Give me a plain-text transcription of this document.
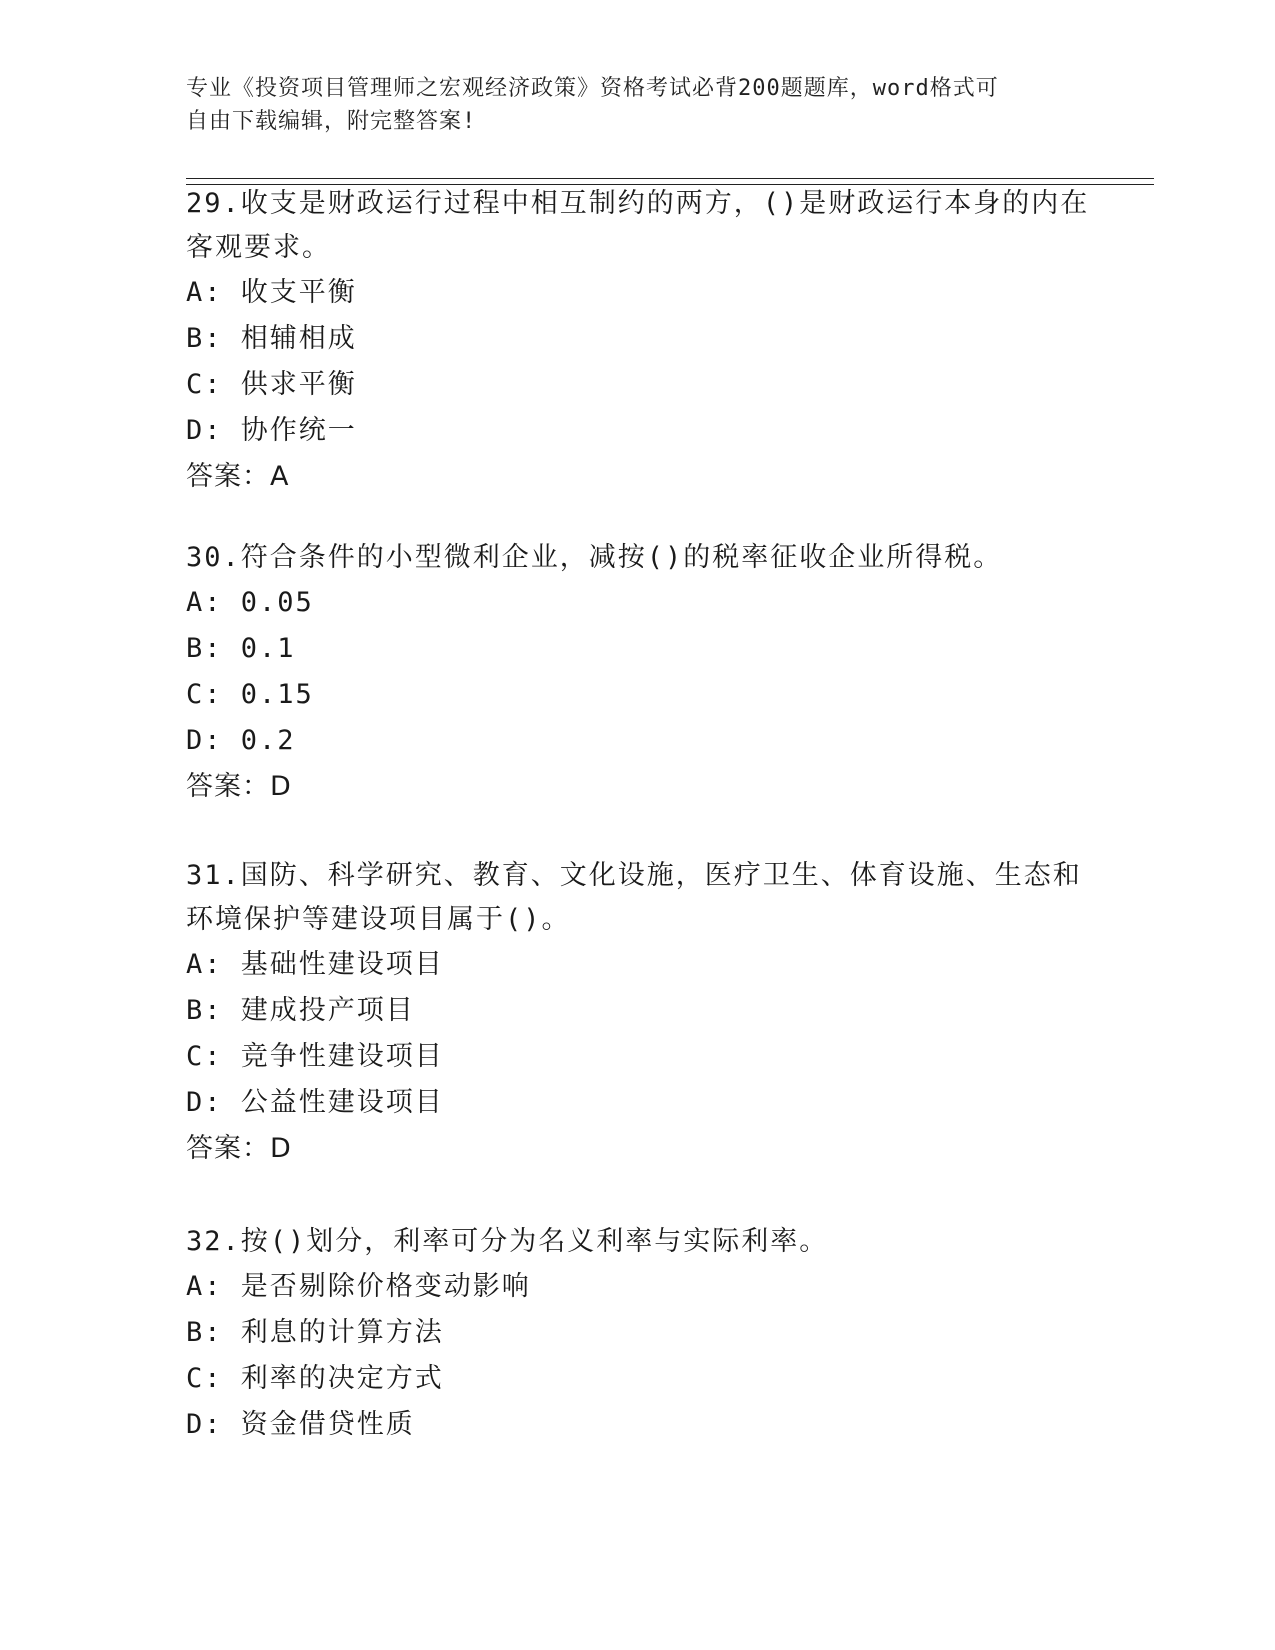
专业《投资项目管理师之宏观经济政策》资格考试必背200题题库，word格式可
自由下载编辑，附完整答案!

29.收支是财政运行过程中相互制约的两方，()是财政运行本身的内在

客观要求。

A: 收支平衡

B: 相辅相成

C: 供求平衡

D: 协作统一

答案：A

30.符合条件的小型微利企业，减按()的税率征收企业所得税。

A: 0.05

B: 0.1

C: 0.15

D: 0.2

答案：D

31.国防、科学研究、教育、文化设施，医疗卫生、体育设施、生态和

环境保护等建设项目属于()。

A: 基础性建设项目

B: 建成投产项目

C: 竞争性建设项目

D: 公益性建设项目

答案：D

32.按()划分，利率可分为名义利率与实际利率。

A: 是否剔除价格变动影响

B: 利息的计算方法

C: 利率的决定方式

D: 资金借贷性质
